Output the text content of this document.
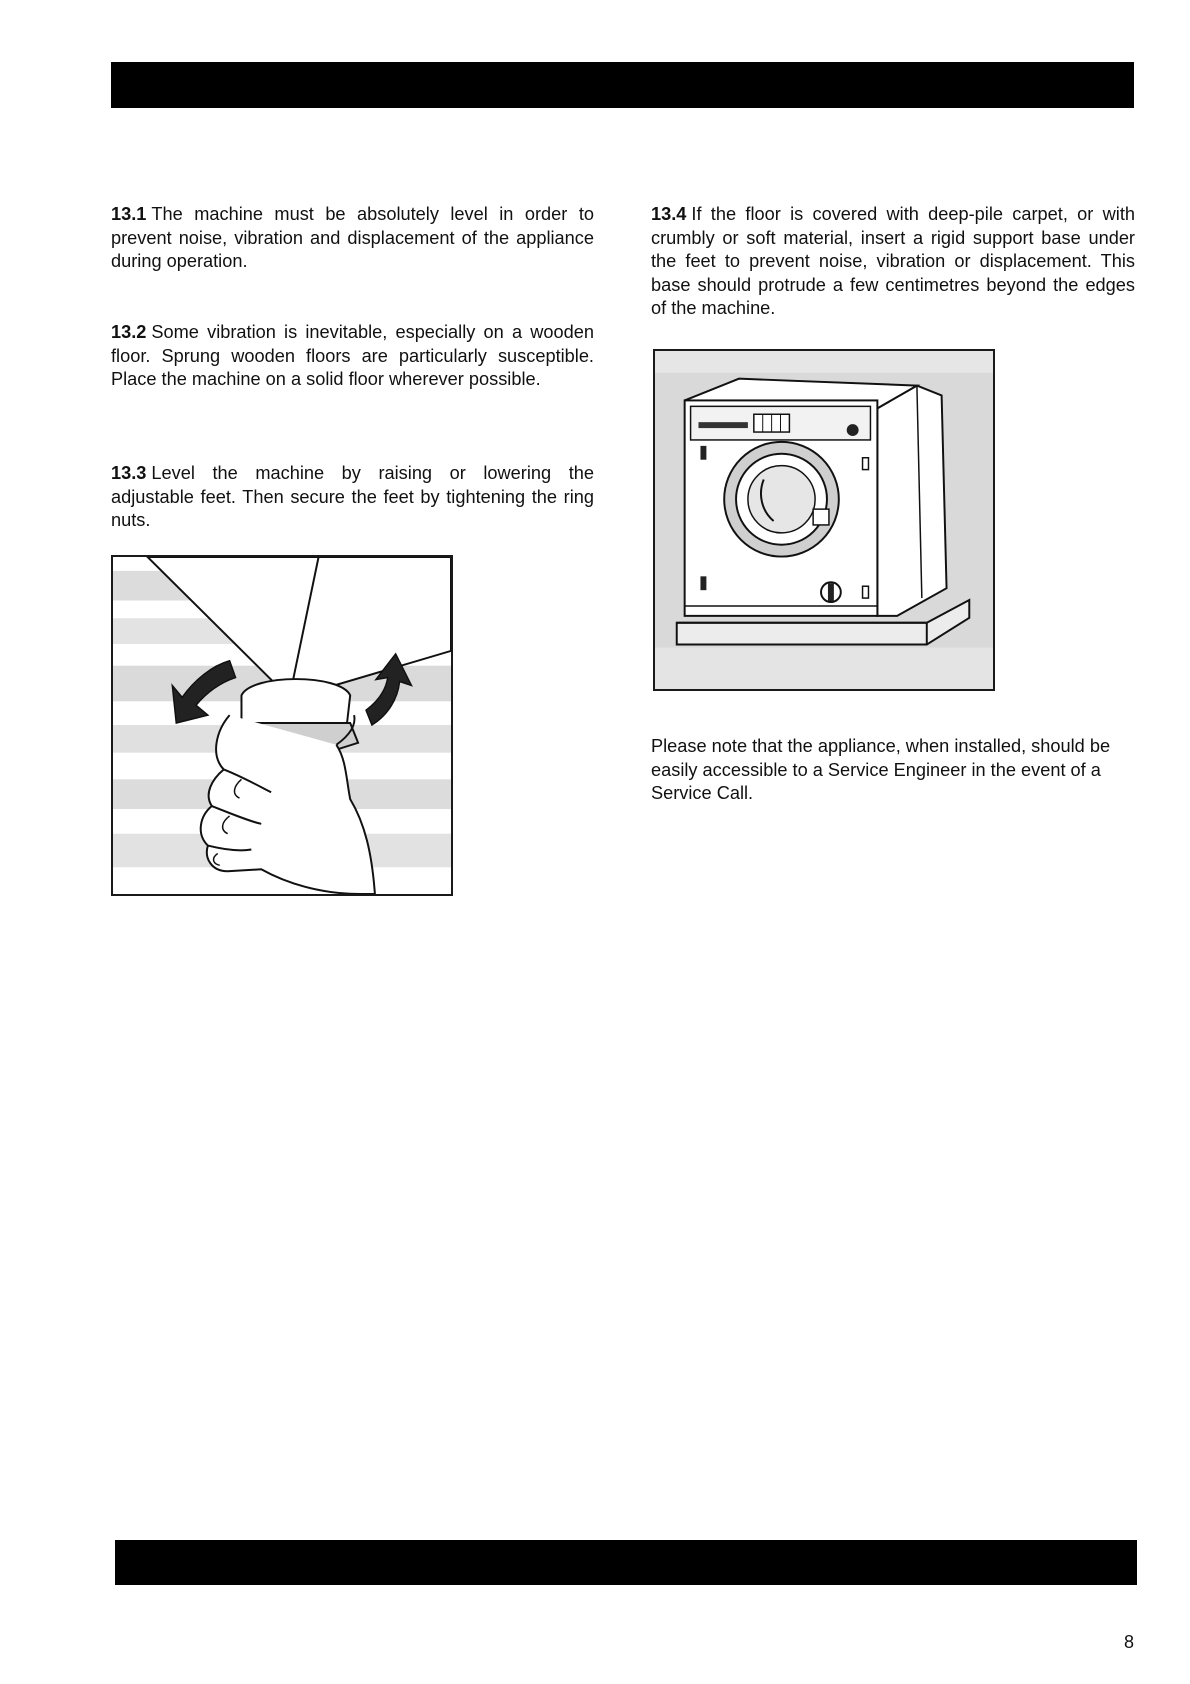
13.1 The machine must be absolutely level in order to prevent noise, vibration and displacement of the appliance during operation.

13.2 Some vibration is inevitable, especially on a wooden floor. Sprung wooden floors are particularly susceptible. Place the machine on a solid floor wherever possible.

13.3 Level the machine by raising or lowering the adjustable feet. Then secure the feet by tightening the ring nuts.

13.4 If the floor is covered with deep-pile carpet, or with crumbly or soft material, insert a rigid support base under the feet to prevent noise, vibration or displacement. This base should protrude a few centimetres beyond the edges of the machine.

Please note that the appliance, when installed, should be easily accessible to a Service Engineer in the event of a Service Call.

8
